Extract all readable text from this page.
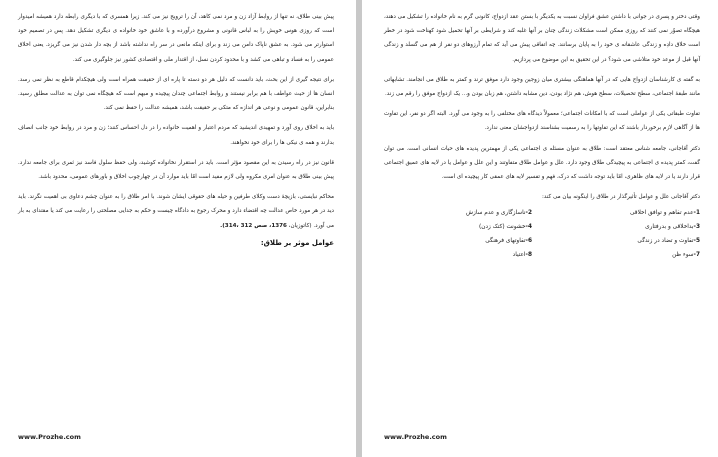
پیش بینی طلاق، نه تنها از روابط آزاد زن و مرد نمی کاهد، آن را ترویج نیز می کند. زیرا همسری که با دیگری رابطه دارد همیشه امیدوار است که روزی هوس خویش را به لباس قانونی و مشروع درآورده و با عاشق خود خانواده ی دیگری تشکیل دهد. پس در تصمیم خود استوارتر می شود. به عشق ناپاک دامن می زند و برای اینکه مانعی در سر راه نداشته باشد از بچه دار شدن نیز می گریزد. یعنی اخلاق عمومی را به فساد و تباهی می کشد و با محدود کردن نسل، از اقتدار ملی و اقتصادی کشور نیز جلوگیری می کند.

برای نتیجه گیری از این بحث، باید دانست که دلیل هر دو دسته تا پاره ای از حقیقت همراه است ولی هیچکدام قاطع به نظر نمی رسد. انسان ها از حیث عواطف با هم برابر نیستند و روابط اجتماعی چندان پیچیده و مبهم است که هیچگاه نمی توان به عدالت مطلق رسید. بنابراین، قانون عمومی و نوعی هر اندازه که متکی بر حقیقت باشد، همیشه عدالت را حفظ نمی کند.

باید به اخلاق روی آورد و تمهیدی اندیشید که مردم اعتبار و اهمیت خانواده را در دل احساس کنند؛ زن و مرد در روابط خود جانب انصاف بدارند و همه ی نیکی ها را برای خود نخواهند.

قانون نیز در راه رسیدن به این مقصود مؤثر است. باید در استقرار نخانواده کوشید، ولی حفظ سلول فاسد نیز ثمری برای جامعه ندارد. پیش بینی طلاق به عنوان امری مکروه ولی لازم مفید است امّا باید موارد آن در چهارچوب اخلاق و باورهای عمومی، محدود باشد.

محاکم نبایستی، بازیچۀ دست وکلای طرفین و حیله های حقوقی ایشان شوند. با امر طلاق را به عنوان چشم دعاوی بی اهمیت نگرند. باید دید در هر مورد خاص عدالت چه اقتضاء دارد و محرک رجوع به دادگاه چیست و حکم به جدایی مصلحتی را رعایت می کند یا مقتدای به بار می آورد. (کاتوزیان، 1376، صص 312 ،314).

عوامل موثر بر طلاق:

www.Prozhe.com

وقتی دختر و پسری در جوانی با داشتن عشق فراوان نسبت به یکدیگر با بستن عقد ازدواج، کانونی گرم به نام خانواده را تشکیل می دهند، هیچگاه تصوّر نمی کنند که روزی ممکن است مشکلات زندگی چنان بر آنها غلبه کند و شرایطی بر آنها تحمیل شود کهناخت شود در خطر است خلاق دادِه و زندگی عاشقانه ی خود را به پایان برسانند. چه اتفاقی پیش می آید که تمام آرزوهای دو نفر از هم می گسلد و زندگی آنها قبل از موعد خود متلاشی می شود؟ در این تحقیق به این موضوع می پردازیم.

به گفته ی کارشناسان ازدواج هایی که در آنها هماهنگی بیشتری میان زوجین وجود دارد موفق ترند و کمتر به طلاق می انجامند. تشابهاتی مانند طبقۀ اجتماعی، سطح تحصیلات، سطح هوش، هم نژاد بودن، دین مشابه داشتن، هم زبان بودن و... یک ازدواج موفق را رقم می زند.

تفاوت طبقاتی یکی از عواملی است که با امکانات اجتماعی؛ معمولاً دیدگاه های مختلفی را به وجود می آورد. البته اگر دو نفر، این تفاوت ها از آگاهی لازم برخوردار باشند که این تفاوتها را به رسمیت بشناسند ازدواجشان معنی ندارد.

دکتر آقاجانی، جامعه شناس معتقد است: طلاق به عنوان مسئله ی اجتماعی یکی از مهمترین پدیده های حیات انسانی است. می توان گفت، کمتر پدیده ی اجتماعی به پیچیدگی طلاق وجود دارد. علل و عوامل طلاق متفاوتند و این علل و عوامل یا در لایه های عمیق اجتماعی قرار دارند یا در لایه های ظاهری، امّا باید توجه داشت که درک، فهم و تفسیر لایه های عمقی کار پیچیده ای است.

دکتر آقاجانی علل و عوامل تأثیرگذار در طلاق را اینگونه بیان می کند:

1-عدم تفاهم و توافق اخلاقی
2-ناسازگاری و عدم سازش
3-بداخلاقی و بدرفتاری
4-خشونت (کتک زدن)
5-تفاوت و تضاد در زندگی
6-تفاوتهای فرهنگی
7-سوء ظن
8-اعتیاد
www.Prozhe.com
